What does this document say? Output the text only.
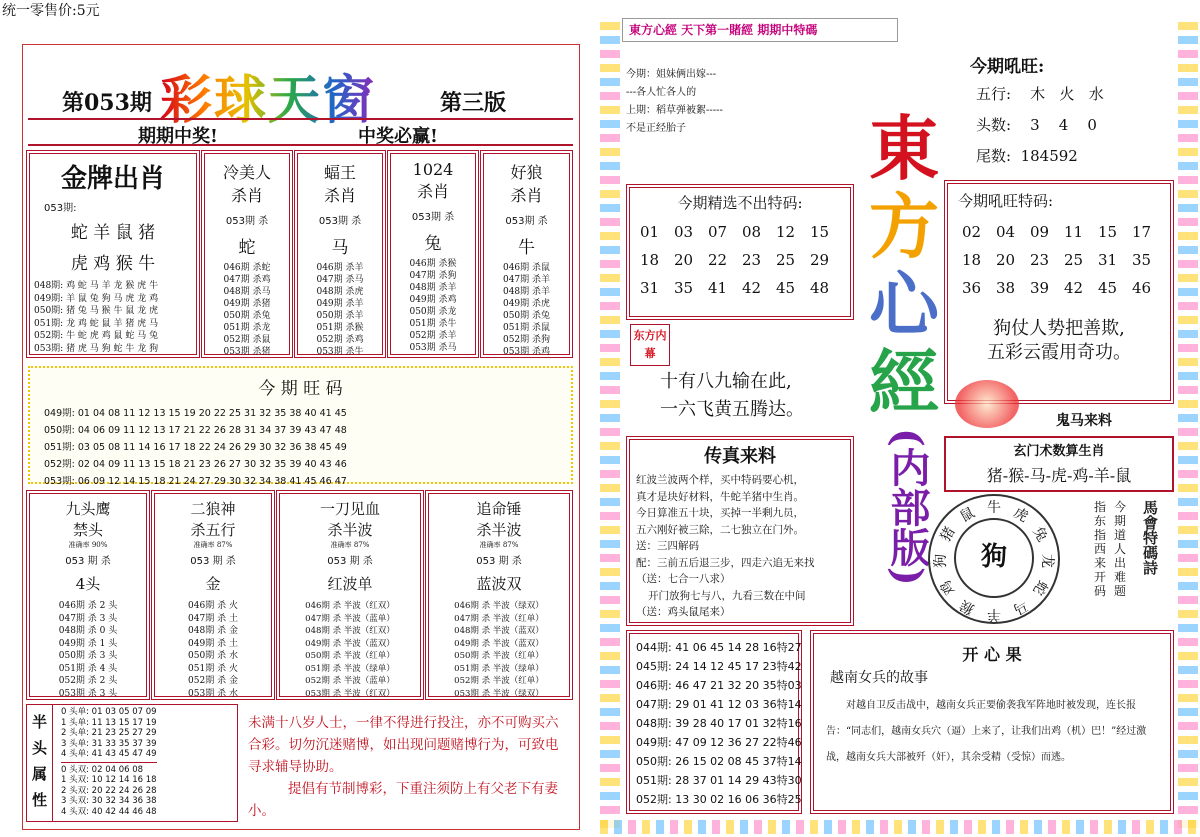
统一零售价:5元
第053期 彩球天窗	第三版
期期中奖!	中奖必赢!
金牌出肖
053期:
蛇 羊 鼠 猪
虎 鸡 猴 牛
048期: 鸡 蛇 马 羊 龙 猴 虎 牛
049期: 羊 鼠 兔 狗 马 虎 龙 鸡
050期: 猪 兔 马 猴 牛 鼠 龙 虎
051期: 龙 鸡 蛇 鼠 羊 猪 虎 马
052期: 牛 蛇 虎 鸡 鼠 蛇 马 兔
053期: 猪 虎 马 狗 蛇 牛 龙 狗
冷美人
杀肖
053期 杀
蛇
046期 杀蛇
047期 杀鸡
048期 杀马
049期 杀猪
050期 杀兔
051期 杀龙
052期 杀鼠
053期 杀猪
蝠王
杀肖
053期 杀
马
046期 杀羊
047期 杀马
048期 杀虎
049期 杀羊
050期 杀羊
051期 杀猴
052期 杀鸡
053期 杀牛
1024
杀肖
053期 杀
兔
046期 杀猴
047期 杀狗
048期 杀羊
049期 杀鸡
050期 杀龙
051期 杀牛
052期 杀羊
053期 杀马
好狼
杀肖
053期 杀
牛
046期 杀鼠
047期 杀羊
048期 杀羊
049期 杀虎
050期 杀兔
051期 杀鼠
052期 杀狗
053期 杀鸡
今 期 旺 码
049期: 01 04 08 11 12 13 15 19 20 22 25 31 32 35 38 40 41 45
050期: 04 06 09 11 12 13 17 21 22 26 28 31 34 37 39 43 47 48
051期: 03 05 08 11 14 16 17 18 22 24 26 29 30 32 36 38 45 49
052期: 02 04 09 11 13 15 18 21 23 26 27 30 32 35 39 40 43 46
053期: 06 09 12 14 15 18 21 24 27 29 30 32 34 38 41 45 46 47
九头鹰
禁头
准确率 90%
053 期 杀
4头
046期 杀 2 头
047期 杀 3 头
048期 杀 0 头
049期 杀 1 头
050期 杀 3 头
051期 杀 4 头
052期 杀 2 头
053期 杀 3 头
二狼神
杀五行
准确率 87%
053 期 杀
金
046期 杀 火
047期 杀 土
048期 杀 金
049期 杀 土
050期 杀 水
051期 杀 火
052期 杀 金
053期 杀 水
一刀见血
杀半波
准确率 87%
053 期 杀
红波单
046期 杀 半波（红双）
047期 杀 半波（蓝单）
048期 杀 半波（红双）
049期 杀 半波（蓝双）
050期 杀 半波（红单）
051期 杀 半波（绿单）
052期 杀 半波（蓝单）
053期 杀 半波（红双）
追命锤
杀半波
准确率 87%
053 期 杀
蓝波双
046期 杀 半波（绿双）
047期 杀 半波（红单）
048期 杀 半波（蓝双）
049期 杀 半波（蓝双）
050期 杀 半波（红单）
051期 杀 半波（绿单）
052期 杀 半波（红单）
053期 杀 半波（绿双）
半
头
属
性
0 头单: 01 03 05 07 09
1 头单: 11 13 15 17 19
2 头单: 21 23 25 27 29
3 头单: 31 33 35 37 39
4 头单: 41 43 45 47 49
0 头双: 02 04 06 08
1 头双: 10 12 14 16 18
2 头双: 20 22 24 26 28
3 头双: 30 32 34 36 38
4 头双: 40 42 44 46 48
未满十八岁人士，一律不得进行投注，亦不可购买六合彩。切勿沉迷赌博，如出现问题赌博行为，可致电 寻求辅导协助。
提倡有节制博彩，下重注须防上有父老下有妻小。
東方心經 天下第一賭經 期期中特碼
今期：姐妹俩出嫁---
---各人忙各人的
上期：稻草弹被絮-----
不是正经胎子
今期吼旺:
五行:    木   火   水
头数:    3    4    0
尾数:  184592
東
方
心
經
(内部版)
今期精选不出特码:
01 03 07 08 12 15
18 20 22 23 25 29
31 35 41 42 45 48
今期吼旺特码:
02 04 09 11 15 17
18 20 23 25 31 35
36 38 39 42 45 46
狗仗人势把善欺,
五彩云霞用奇功。
鬼马来料
玄门术数算生肖
猪-猴-马-虎-鸡-羊-鼠
东方内幕
十有八九输在此,
一六飞黄五腾达。
传真来料
红波兰波两个样，买中特码要心机，
真才是块好材料，牛蛇羊猪中生肖。
今日算准五十块，买掉一半剩九员，
五六刚好被三除，二七独立在门外。
送：三四解码
配：三前五后退三步，四走六追无来找
（送：七合一八求）
开门放狗七与八，九看三数在中间
（送：鸡头鼠尾来）
狗
牛 虎
兔
龙
蛇
马
羊
猴
鸡
狗
猪
鼠	今
期
道
人
出
难
题
指
东
指
西
来
开
码
馬會特碼詩
044期: 41 06 45 14 28 16特27
045期: 24 14 12 45 17 23特42
046期: 46 47 21 32 20 35特03
047期: 29 01 41 12 03 36特14
048期: 39 28 40 17 01 32特16
049期: 47 09 12 36 27 22特46
050期: 26 15 02 08 45 37特14
051期: 28 37 01 14 29 43特30
052期: 13 30 02 16 06 36特25
开 心 果
越南女兵的故事
对越自卫反击战中，越南女兵正要偷袭我军阵地时被发现，连长报告：“同志们，越南女兵穴（逼）上来了，让我们出鸡（机）巴！”经过激战，越南女兵大部被歼（奸），其余受精（受惊）而逃。
